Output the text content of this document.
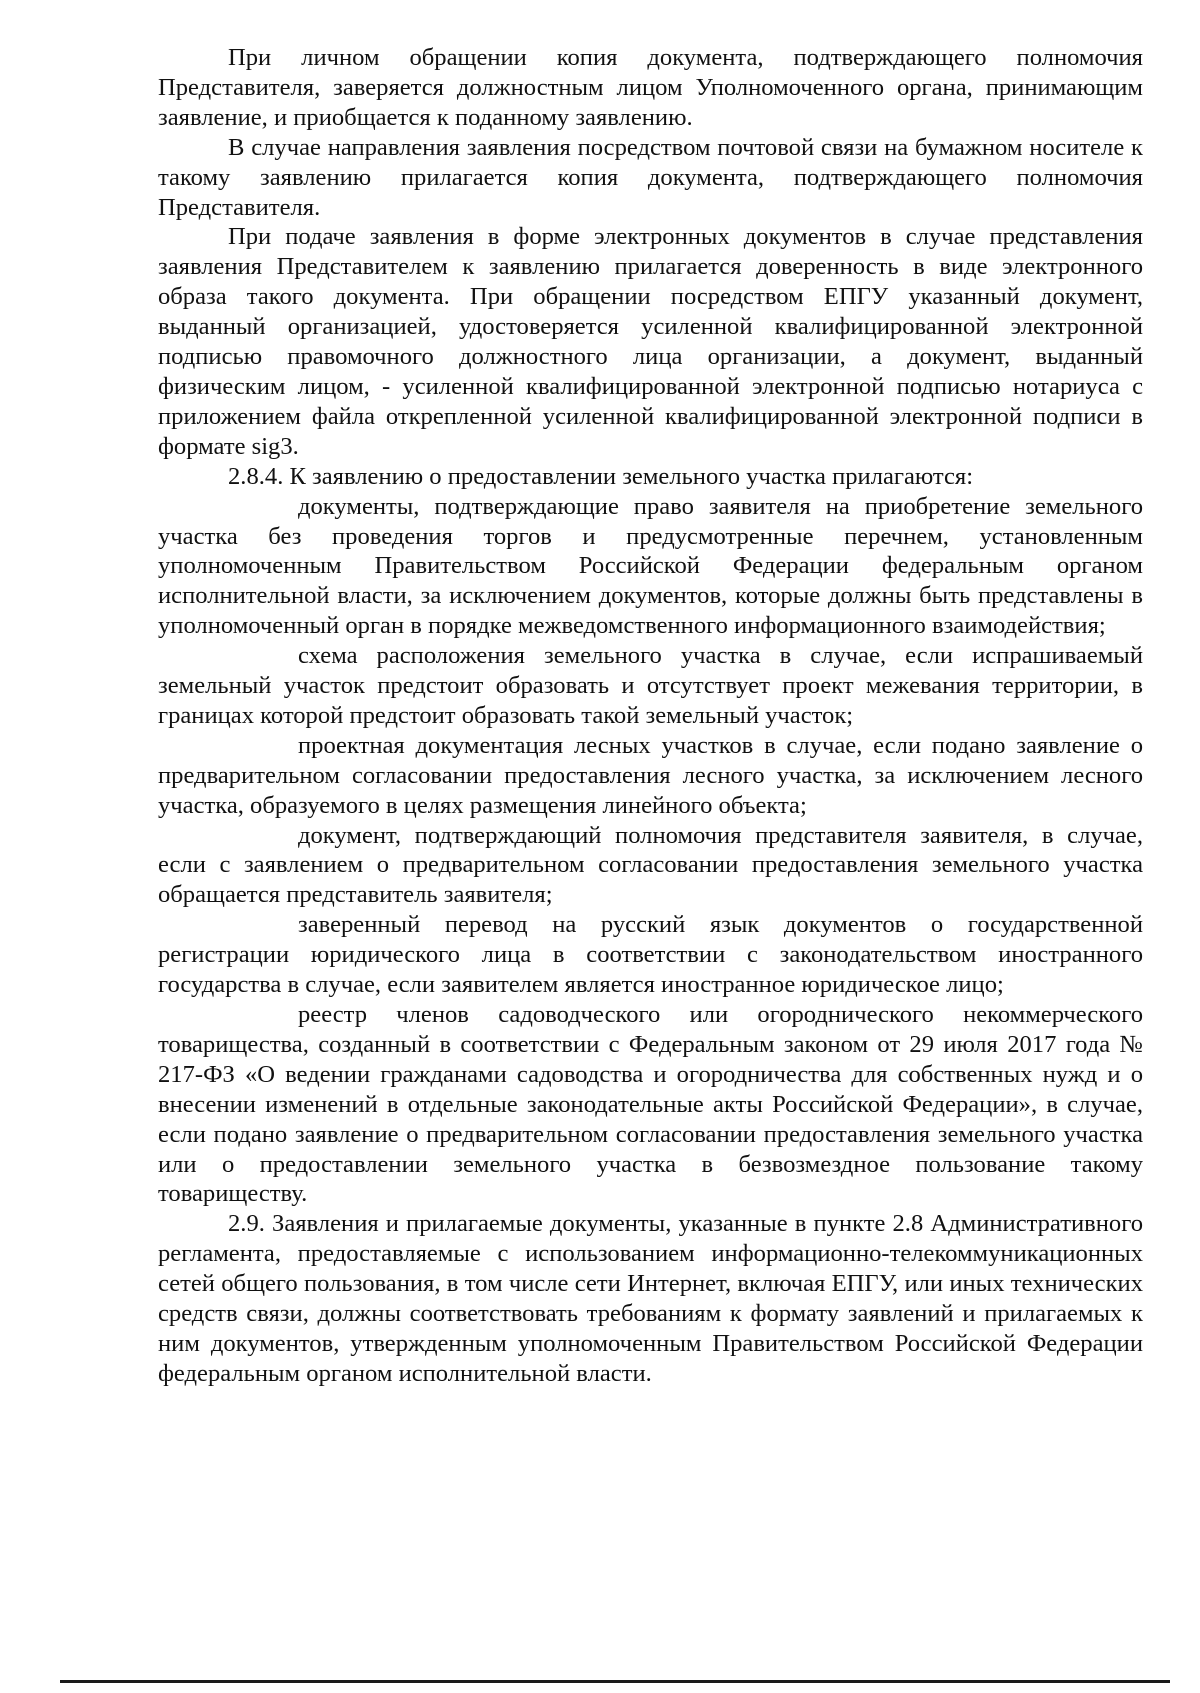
При личном обращении копия документа, подтверждающего полномочия Представителя, заверяется должностным лицом Уполномоченного органа, принимающим заявление, и приобщается к поданному заявлению.

В случае направления заявления посредством почтовой связи на бумажном носителе к такому заявлению прилагается копия документа, подтверждающего полномочия Представителя.

При подаче заявления в форме электронных документов в случае представления заявления Представителем к заявлению прилагается доверенность в виде электронного образа такого документа. При обращении посредством ЕПГУ указанный документ, выданный организацией, удостоверяется усиленной квалифицированной электронной подписью правомочного должностного лица организации, а документ, выданный физическим лицом, - усиленной квалифицированной электронной подписью нотариуса с приложением файла открепленной усиленной квалифицированной электронной подписи в формате sig3.

2.8.4. К заявлению о предоставлении земельного участка прилагаются:

документы, подтверждающие право заявителя на приобретение земельного участка без проведения торгов и предусмотренные перечнем, установленным уполномоченным Правительством Российской Федерации федеральным органом исполнительной власти, за исключением документов, которые должны быть представлены в уполномоченный орган в порядке межведомственного информационного взаимодействия;

схема расположения земельного участка в случае, если испрашиваемый земельный участок предстоит образовать и отсутствует проект межевания территории, в границах которой предстоит образовать такой земельный участок;

проектная документация лесных участков в случае, если подано заявление о предварительном согласовании предоставления лесного участка, за исключением лесного участка, образуемого в целях размещения линейного объекта;

документ, подтверждающий полномочия представителя заявителя, в случае, если с заявлением о предварительном согласовании предоставления земельного участка обращается представитель заявителя;

заверенный перевод на русский язык документов о государственной регистрации юридического лица в соответствии с законодательством иностранного государства в случае, если заявителем является иностранное юридическое лицо;

реестр членов садоводческого или огороднического некоммерческого товарищества, созданный в соответствии с Федеральным законом от 29 июля 2017 года № 217-ФЗ «О ведении гражданами садоводства и огородничества для собственных нужд и о внесении изменений в отдельные законодательные акты Российской Федерации», в случае, если подано заявление о предварительном согласовании предоставления земельного участка или о предоставлении земельного участка в безвозмездное пользование такому товариществу.

2.9. Заявления и прилагаемые документы, указанные в пункте 2.8 Административного регламента, предоставляемые с использованием информационно-телекоммуникационных сетей общего пользования, в том числе сети Интернет, включая ЕПГУ, или иных технических средств связи, должны соответствовать требованиям к формату заявлений и прилагаемых к ним документов, утвержденным уполномоченным Правительством Российской Федерации федеральным органом исполнительной власти.
